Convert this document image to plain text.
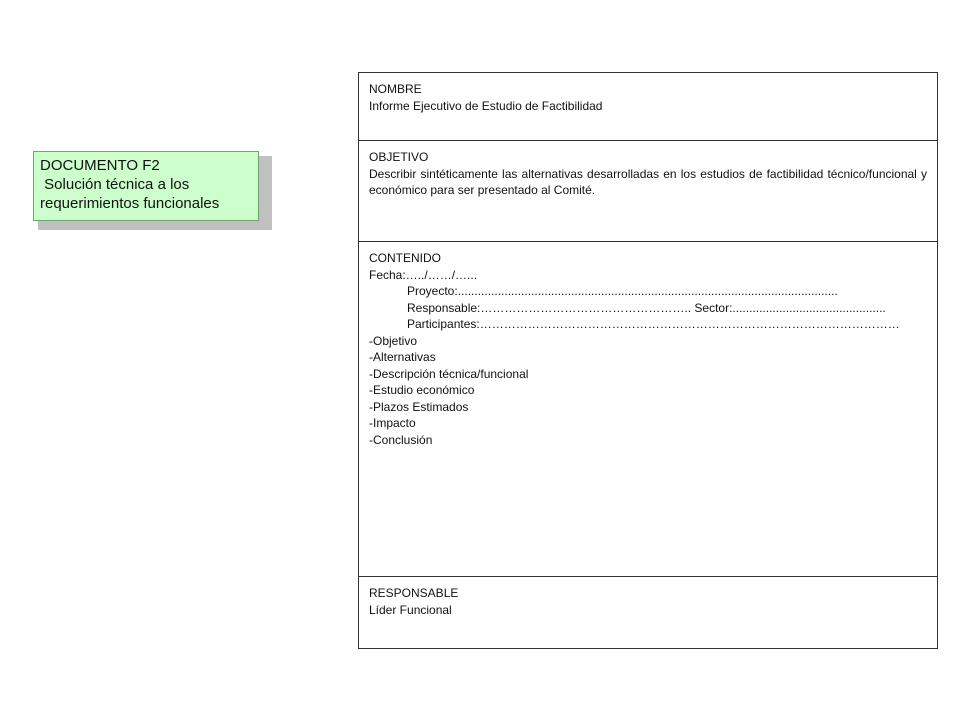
DOCUMENTO F2
Solución técnica a los
requerimientos funcionales
NOMBRE
Informe Ejecutivo de Estudio de Factibilidad
OBJETIVO
Describir sintéticamente las alternativas desarrolladas en los estudios de factibilidad técnico/funcional y económico para ser presentado al Comité.
CONTENIDO
Fecha:…../……/…...
Proyecto:..................................................................................................................
Responsable:…………………………………………….. Sector:..............................................
Participantes:……………………………………………………………………………………………
-Objetivo
-Alternativas
-Descripción técnica/funcional
-Estudio económico
-Plazos Estimados
-Impacto
-Conclusión
RESPONSABLE
Líder Funcional
